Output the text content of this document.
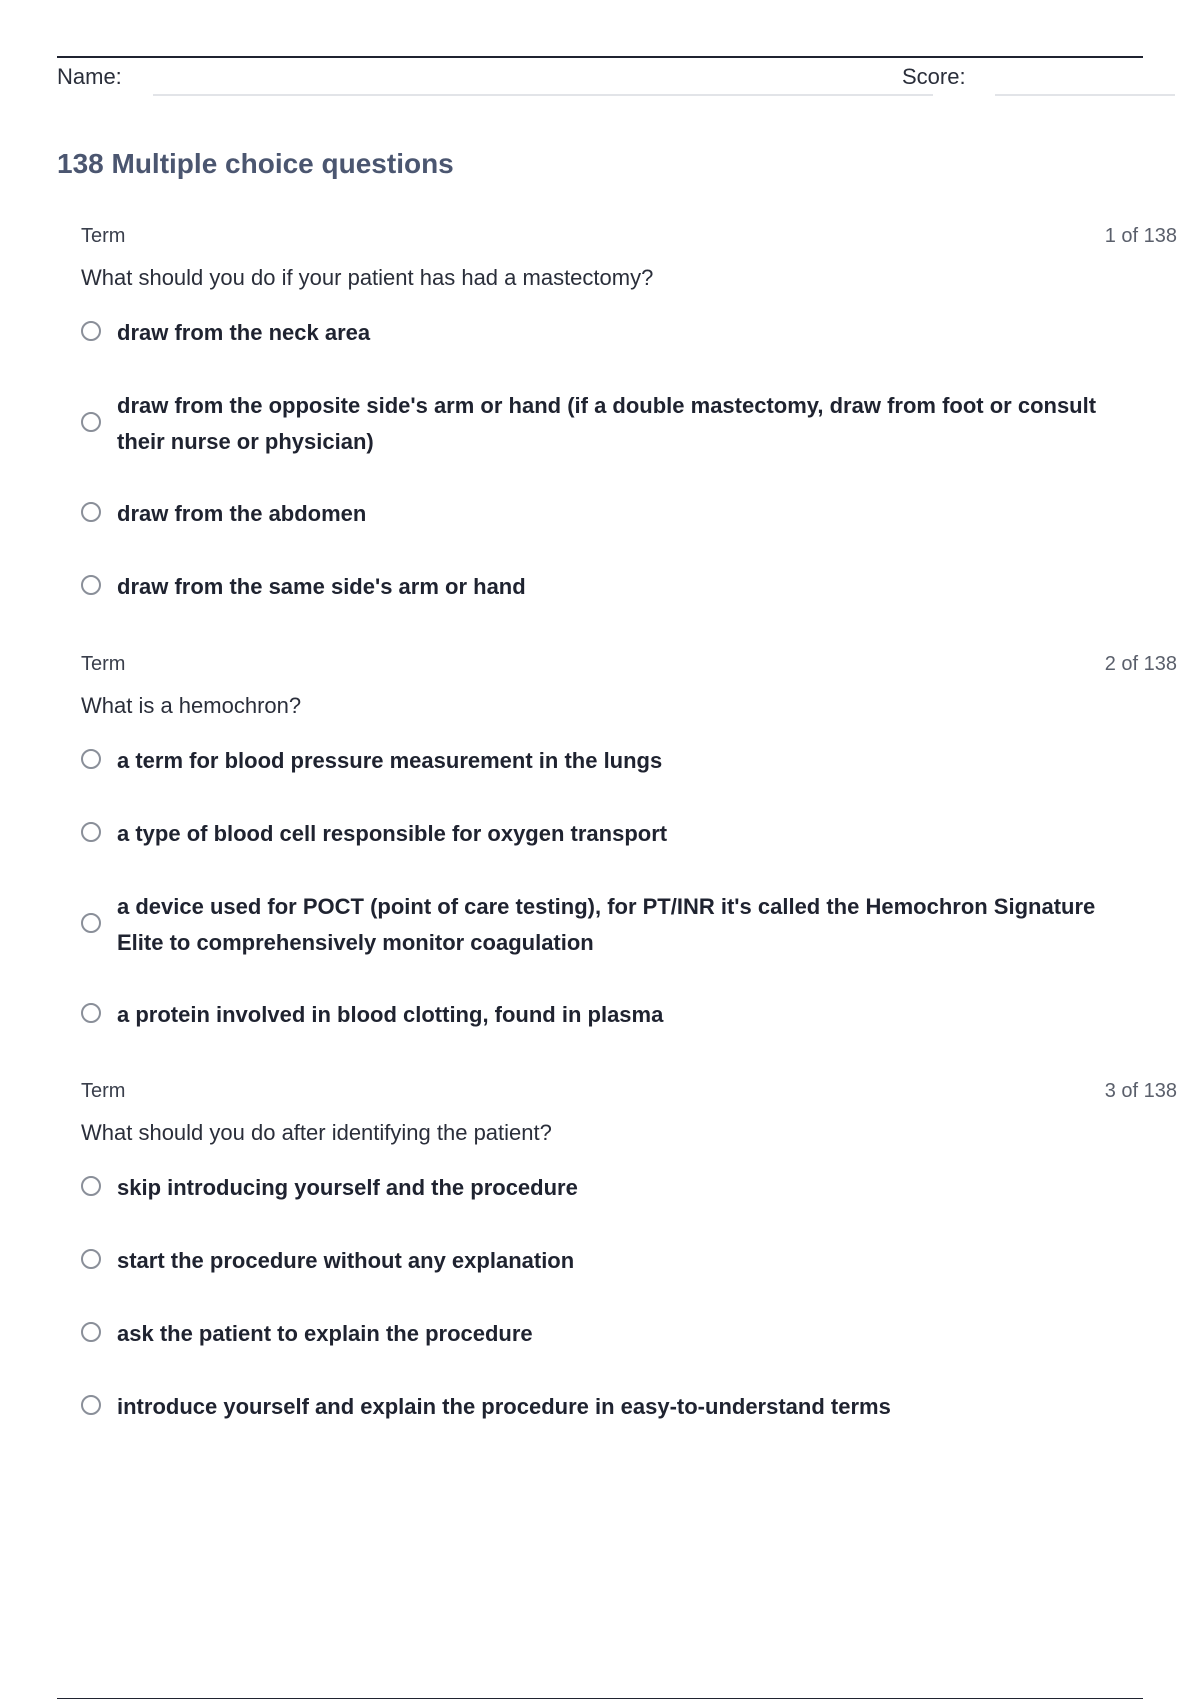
Name:	Score:
138 Multiple choice questions
Term	1 of 138
What should you do if your patient has had a mastectomy?
draw from the neck area
draw from the opposite side's arm or hand (if a double mastectomy, draw from foot or consult their nurse or physician)
draw from the abdomen
draw from the same side's arm or hand
Term	2 of 138
What is a hemochron?
a term for blood pressure measurement in the lungs
a type of blood cell responsible for oxygen transport
a device used for POCT (point of care testing), for PT/INR it's called the Hemochron Signature Elite to comprehensively monitor coagulation
a protein involved in blood clotting, found in plasma
Term	3 of 138
What should you do after identifying the patient?
skip introducing yourself and the procedure
start the procedure without any explanation
ask the patient to explain the procedure
introduce yourself and explain the procedure in easy-to-understand terms
